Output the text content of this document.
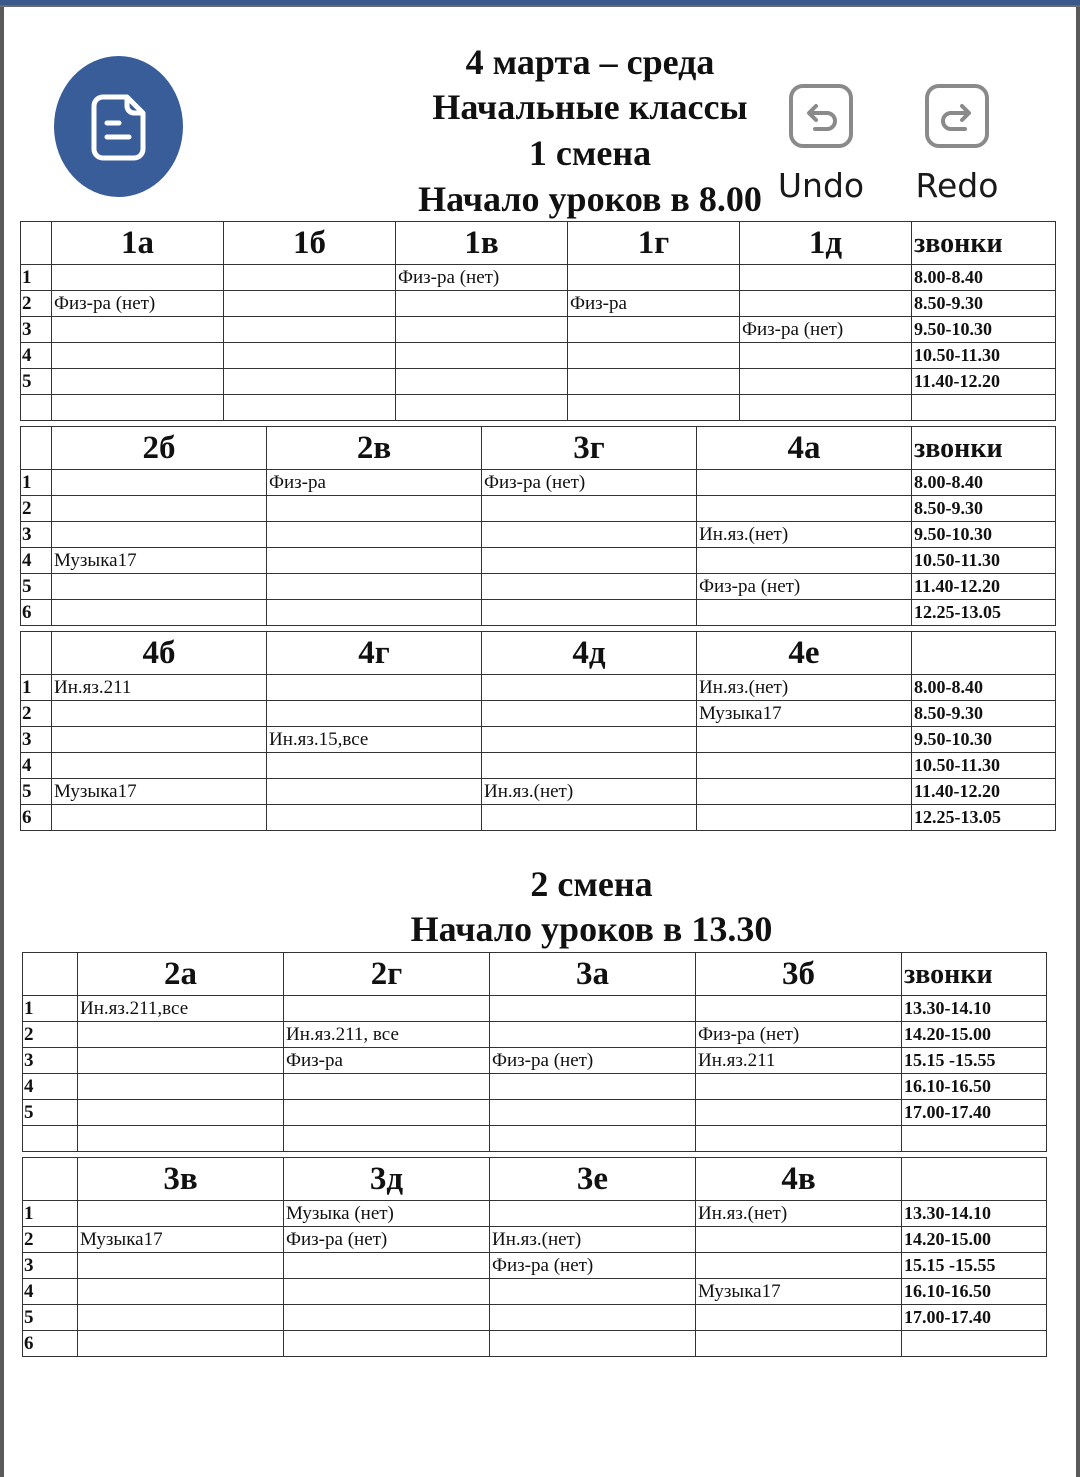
4 марта – среда
Начальные классы
1 смена
Начало уроков в 8.00 Undo Redo
	1а	1б	1в	1г	1д	звонки
1			Физ-ра (нет)			8.00-8.40
2	Физ-ра (нет)			Физ-ра		8.50-9.30
3					Физ-ра (нет)	9.50-10.30
4						10.50-11.30
5						11.40-12.20

	2б	2в	3г	4а	звонки
1		Физ-ра	Физ-ра (нет)		8.00-8.40
2					8.50-9.30
3				Ин.яз.(нет)	9.50-10.30
4	Музыка17				10.50-11.30
5				Физ-ра (нет)	11.40-12.20
6					12.25-13.05
	4б	4г	4д	4е	
1	Ин.яз.211			Ин.яз.(нет)	8.00-8.40
2				Музыка17	8.50-9.30
3		Ин.яз.15,все			9.50-10.30
4					10.50-11.30
5	Музыка17		Ин.яз.(нет)		11.40-12.20
6					12.25-13.05
2 смена
Начало уроков в 13.30
	2а	2г	3а	3б	звонки
1	Ин.яз.211,все				13.30-14.10
2		Ин.яз.211, все		Физ-ра (нет)	14.20-15.00
3		Физ-ра	Физ-ра (нет)	Ин.яз.211	15.15 -15.55
4					16.10-16.50
5					17.00-17.40

	3в	3д	3е	4в	
1		Музыка (нет)		Ин.яз.(нет)	13.30-14.10
2	Музыка17	Физ-ра (нет)	Ин.яз.(нет)		14.20-15.00
3			Физ-ра (нет)		15.15 -15.55
4				Музыка17	16.10-16.50
5					17.00-17.40
6					
